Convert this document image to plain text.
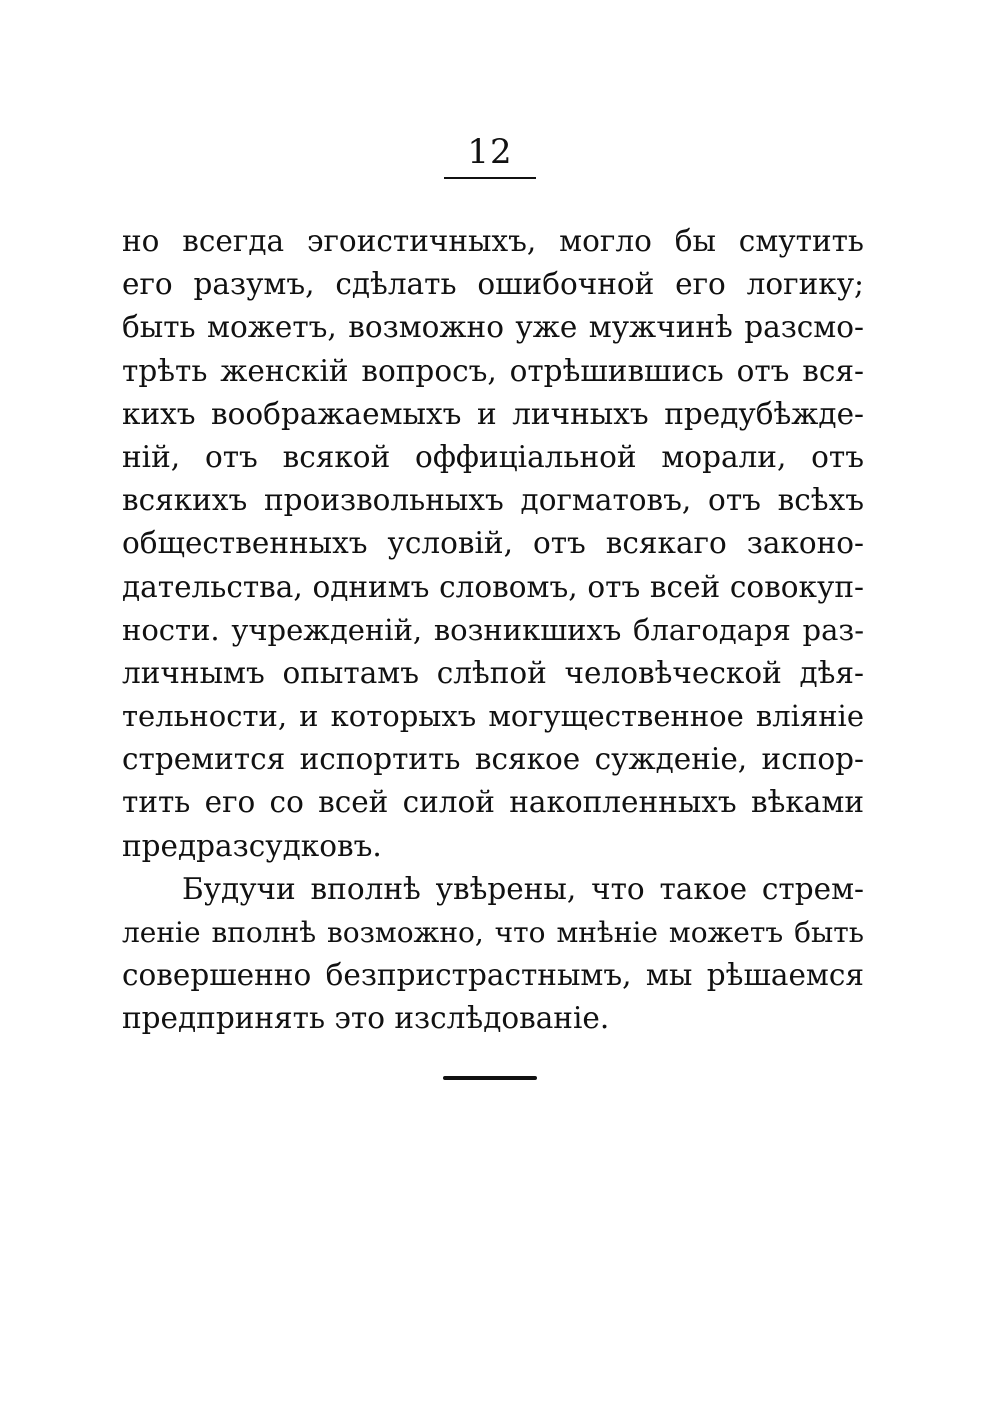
12
но всегда эгоистичныхъ, могло бы смутить
его разумъ, сдѣлать ошибочной его логику;
быть можетъ, возможно уже мужчинѣ разсмо-
трѣть женскій вопросъ, отрѣшившись отъ вся-
кихъ воображаемыхъ и личныхъ предубѣжде-
ній, отъ всякой оффиціальной морали, отъ
всякихъ произвольныхъ догматовъ, отъ всѣхъ
общественныхъ условій, отъ всякаго законо-
дательства, однимъ словомъ, отъ всей совокуп-
ности. учрежденій, возникшихъ благодаря раз-
личнымъ опытамъ слѣпой человѣческой дѣя-
тельности, и которыхъ могущественное вліяніе
стремится испортить всякое сужденіе, испор-
тить его со всей силой накопленныхъ вѣками
предразсудковъ.
Будучи вполнѣ увѣрены, что такое стрем-
леніе вполнѣ возможно, что мнѣніе можетъ быть
совершенно безпристрастнымъ, мы рѣшаемся
предпринять это изслѣдованіе.
